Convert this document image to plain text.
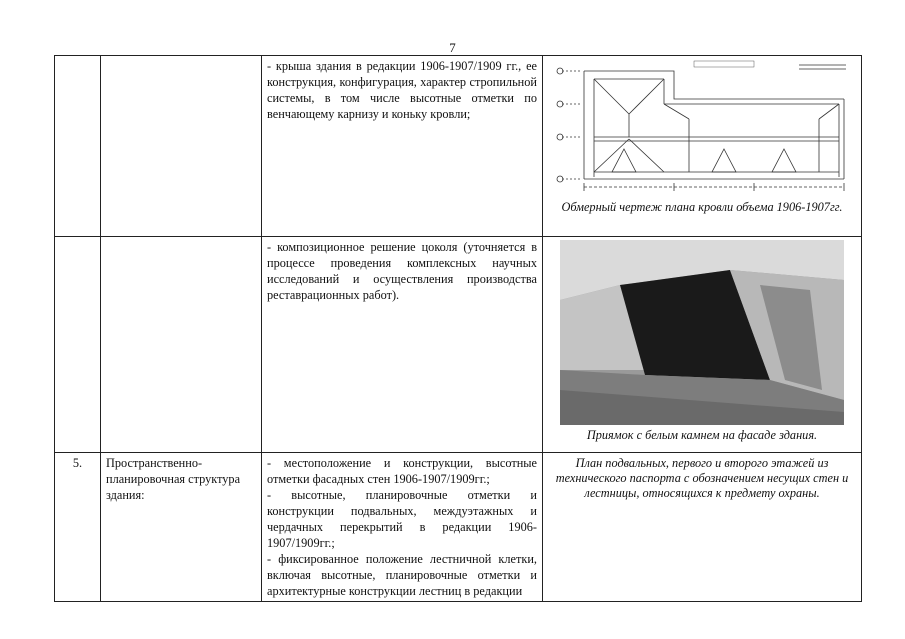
7

		- крыша здания в редакции 1906-1907/1909 гг., ее конструкция, конфигурация, характер стропильной системы, в том числе высотные отметки по венчающему карнизу и коньку кровли;	Обмерный чертеж плана кровли объема 1906-1907гг.

		- композиционное решение цоколя (уточняется в процессе проведения комплексных научных исследований и осуществления производства реставрационных работ).	Приямок с белым камнем на фасаде здания.

5.	Пространственно-планировочная структура здания:	- местоположение и конструкции, высотные отметки фасадных стен 1906-1907/1909гг.;

- высотные, планировочные отметки и конструкции подвальных, междуэтажных и чердачных перекрытий в редакции 1906-1907/1909гг.;

- фиксированное положение лестничной клетки, включая высотные, планировочные отметки и архитектурные конструкции лестниц в редакции	План подвальных, первого и второго этажей из технического паспорта с обозначением несущих стен и лестницы, относящихся к предмету охраны.
